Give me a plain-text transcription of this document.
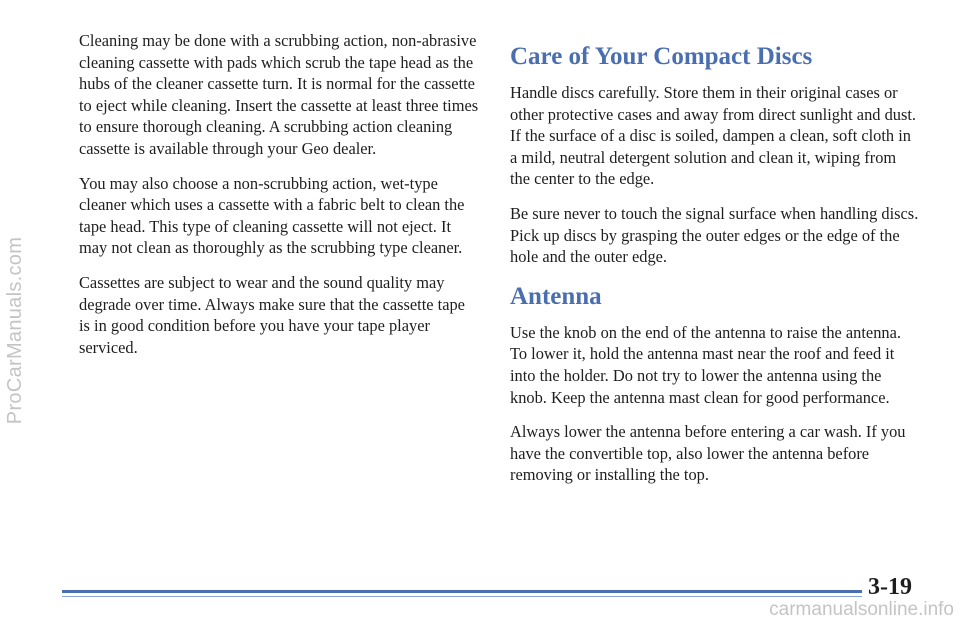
ProCarManuals.com

Cleaning may be done with a scrubbing action, non-abrasive cleaning cassette with pads which scrub the tape head as the hubs of the cleaner cassette turn. It is normal for the cassette to eject while cleaning. Insert the cassette at least three times to ensure thorough cleaning. A scrubbing action cleaning cassette is available through your Geo dealer.

You may also choose a non-scrubbing action, wet-type cleaner which uses a cassette with a fabric belt to clean the tape head. This type of cleaning cassette will not eject. It may not clean as thoroughly as the scrubbing type cleaner.

Cassettes are subject to wear and the sound quality may degrade over time. Always make sure that the cassette tape is in good condition before you have your tape player serviced.

Care of Your Compact Discs

Handle discs carefully. Store them in their original cases or other protective cases and away from direct sunlight and dust. If the surface of a disc is soiled, dampen a clean, soft cloth in a mild, neutral detergent solution and clean it, wiping from the center to the edge.

Be sure never to touch the signal surface when handling discs. Pick up discs by grasping the outer edges or the edge of the hole and the outer edge.

Antenna

Use the knob on the end of the antenna to raise the antenna. To lower it, hold the antenna mast near the roof and feed it into the holder. Do not try to lower the antenna using the knob. Keep the antenna mast clean for good performance.

Always lower the antenna before entering a car wash. If you have the convertible top, also lower the antenna before removing or installing the top.

3-19
carmanualsonline.info
